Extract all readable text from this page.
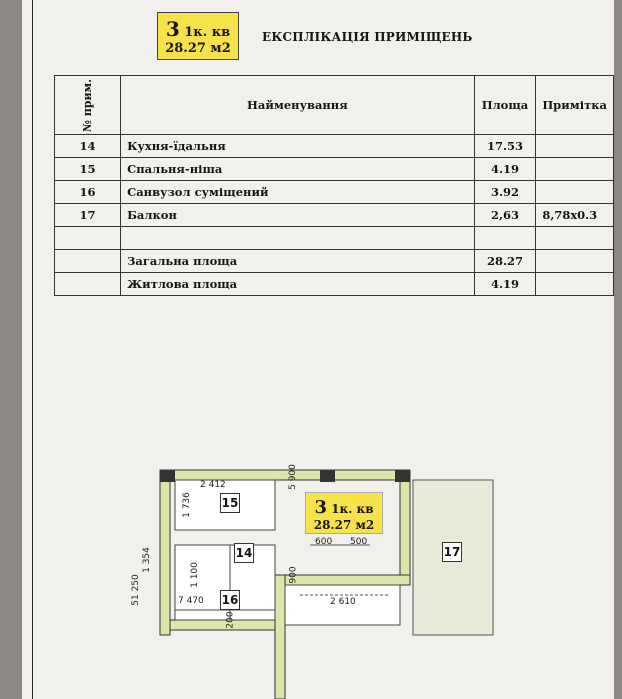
3 1к. кв
28.27 м2
ЕКСПЛІКАЦІЯ ПРИМІЩЕНЬ
№ прим.	Найменування	Площа	Примітка
14	Кухня-їдальня	17.53	
15	Спальня-ніша	4.19	
16	Санвузол суміщений	3.92	
17	Балкон	2,63	8,78x0.3

	Загальна площа	28.27	
	Житлова площа	4.19	
3 1к. кв
28.27 м2
15
14
16
17
2 412
1 736
5 900
600 500
2 610
7 470
1 100	900
200
1 354
51 250
